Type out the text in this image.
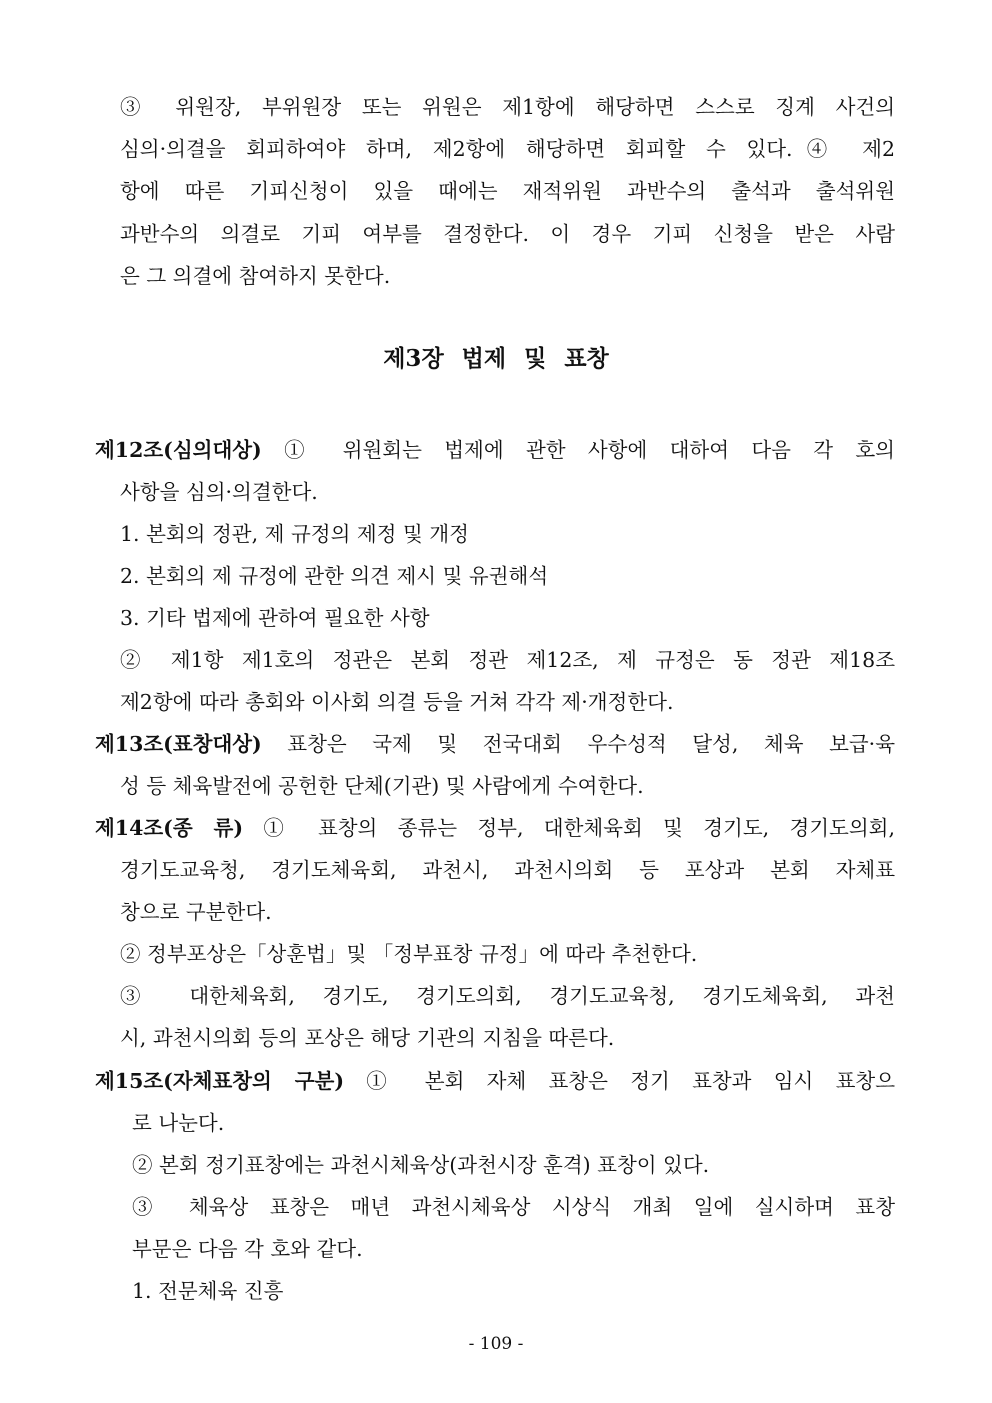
③ 위원장, 부위원장 또는 위원은 제1항에 해당하면 스스로 징계 사건의
심의·의결을 회피하여야 하며, 제2항에 해당하면 회피할 수 있다.④ 제2
항에 따른 기피신청이 있을 때에는 재적위원 과반수의 출석과 출석위원
과반수의 의결로 기피 여부를 결정한다. 이 경우 기피 신청을 받은 사람
은 그 의결에 참여하지 못한다.
제3장 법제 및 표창
제12조(심의대상) ① 위원회는 법제에 관한 사항에 대하여 다음 각 호의
사항을 심의·의결한다.
1. 본회의 정관, 제 규정의 제정 및 개정
2. 본회의 제 규정에 관한 의견 제시 및 유권해석
3. 기타 법제에 관하여 필요한 사항
② 제1항 제1호의 정관은 본회 정관 제12조, 제 규정은 동 정관 제18조
제2항에 따라 총회와 이사회 의결 등을 거쳐 각각 제·개정한다.
제13조(표창대상) 표창은 국제 및 전국대회 우수성적 달성, 체육 보급·육
성 등 체육발전에 공헌한 단체(기관) 및 사람에게 수여한다.
제14조(종 류) ① 표창의 종류는 정부, 대한체육회 및 경기도, 경기도의회,
경기도교육청, 경기도체육회, 과천시, 과천시의회 등 포상과 본회 자체표
창으로 구분한다.
② 정부포상은「상훈법」및 「정부표창 규정」에 따라 추천한다.
③ 대한체육회, 경기도, 경기도의회, 경기도교육청, 경기도체육회, 과천
시, 과천시의회 등의 포상은 해당 기관의 지침을 따른다.
제15조(자체표창의 구분) ① 본회 자체 표창은 정기 표창과 임시 표창으
로 나눈다.
② 본회 정기표창에는 과천시체육상(과천시장 훈격) 표창이 있다.
③ 체육상 표창은 매년 과천시체육상 시상식 개최 일에 실시하며 표창
부문은 다음 각 호와 같다.
1. 전문체육 진흥
- 109 -
